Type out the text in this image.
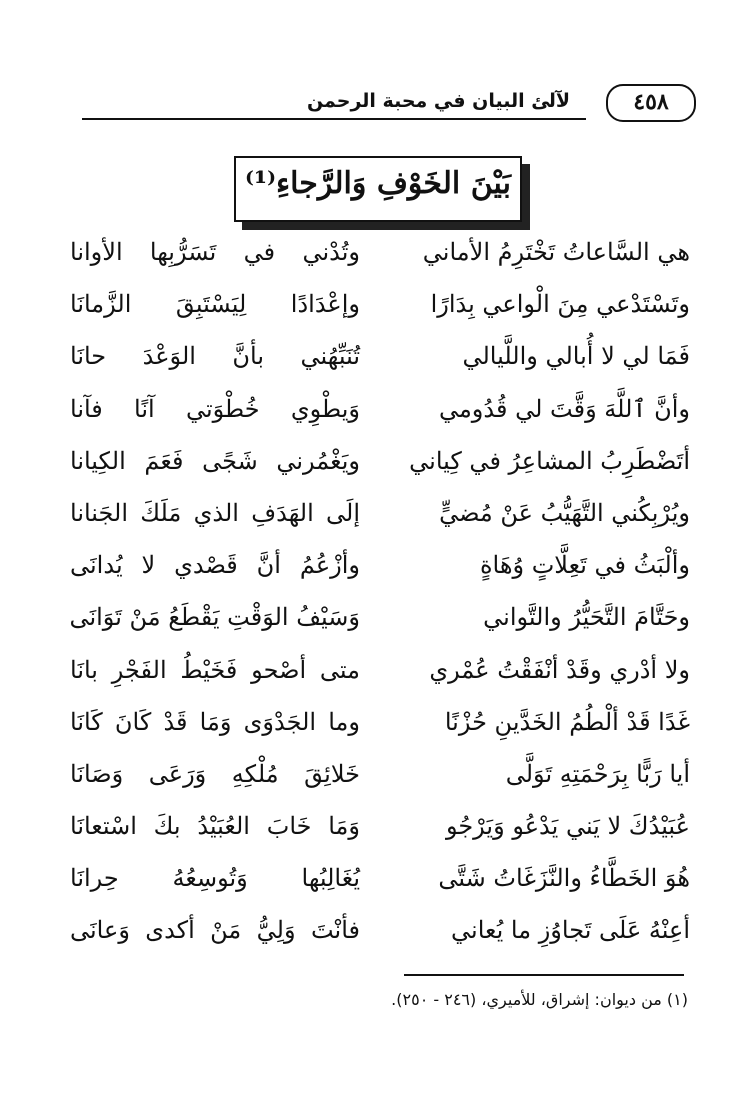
لآلئ البيان في محبة الرحمن	٤٥٨
بَيْنَ الخَوْفِ وَالرَّجاءِ⁽¹⁾
هي السَّاعاتُ تَخْتَرِمُ الأماني
وتُدْني في تَسَرُّبِها الأوانا
وتَسْتَدْعي مِنَ الْواعي بِدَارًا
وإعْدَادًا لِيَسْتَبِقَ الزَّمانَا
فَمَا لي لا أُبالي واللَّيالي
تُنَبِّهُني بأنَّ الوَعْدَ حانَا
وأنَّ ٱللَّهَ وَقَّتَ لي قُدُومي
وَيطْوِي خُطْوَتي آنًا فآنا
أتَضْطَرِبُ المشاعِرُ في كِياني
ويَغْمُرني شَجًى فَعَمَ الكِيانا
ويُرْبِكُني التَّهَيُّبُ عَنْ مُضيٍّ
إلَى الهَدَفِ الذي مَلَكَ الجَنانا
وألْبَثُ في تَعِلَّاتٍ وُهَاةٍ
وأزْعُمُ أنَّ قَصْدي لا يُدانَى
وحَتَّامَ التَّحَيُّرُ والتَّواني
وَسَيْفُ الوَقْتِ يَقْطَعُ مَنْ تَوَانَى
ولا أدْري وقَدْ أنْفَقْتُ عُمْري
متى أصْحو فَخَيْطُ الفَجْرِ بانَا
غَدًا قَدْ ألْطُمُ الخَدَّينِ حُزْنًا
وما الجَدْوَى وَمَا قَدْ كَانَ كَانَا
أيا رَبًّا بِرَحْمَتِهِ تَوَلَّى
خَلائِقَ مُلْكِهِ وَرَعَى وَصَانَا
عُبَيْدُكَ لا يَني يَدْعُو وَيَرْجُو
وَمَا خَابَ العُبَيْدُ بكَ اسْتعانَا
هُوَ الخَطَّاءُ والنَّزَغَاتُ شَتَّى
يُغَالِبُها وَتُوسِعُهُ حِرانَا
أعِنْهُ عَلَى تَجاوُزِ ما يُعاني
فأنْتَ وَلِيُّ مَنْ أكدى وَعانَى
(١) من ديوان: إشراق، للأميري، (٢٤٦ - ٢٥٠).
